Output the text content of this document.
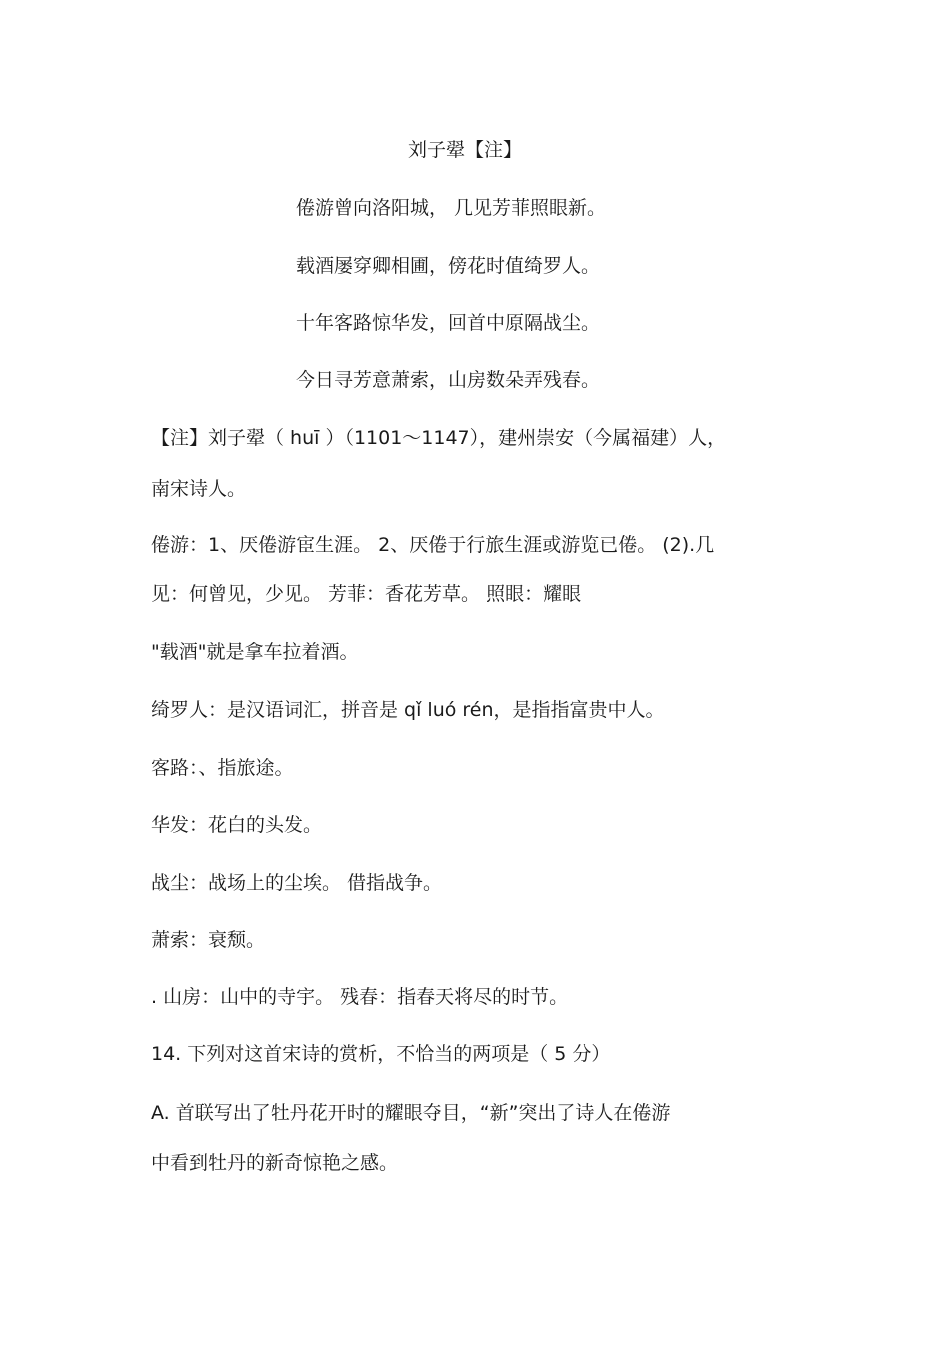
刘子翚【注】
倦游曾向洛阳城， 几见芳菲照眼新。
载酒屡穿卿相圃，傍花时值绮罗人。
十年客路惊华发，回首中原隔战尘。
今日寻芳意萧索，山房数朵弄残春。
【注】刘子翚（ huī ）（1101～1147），建州崇安（今属福建）人，
南宋诗人。
倦游：1、厌倦游宦生涯。 2、厌倦于行旅生涯或游览已倦。 (2).几
见：何曾见，少见。 芳菲：香花芳草。 照眼：耀眼
"载酒"就是拿车拉着酒。
绮罗人：是汉语词汇，拼音是 qǐ luó rén，是指指富贵中人。
客路：、指旅途。
华发：花白的头发。
战尘：战场上的尘埃。 借指战争。
萧索：衰颓。
. 山房：山中的寺宇。 残春：指春天将尽的时节。
14. 下列对这首宋诗的赏析，不恰当的两项是（ 5 分）
A. 首联写出了牡丹花开时的耀眼夺目，“新”突出了诗人在倦游
中看到牡丹的新奇惊艳之感。
